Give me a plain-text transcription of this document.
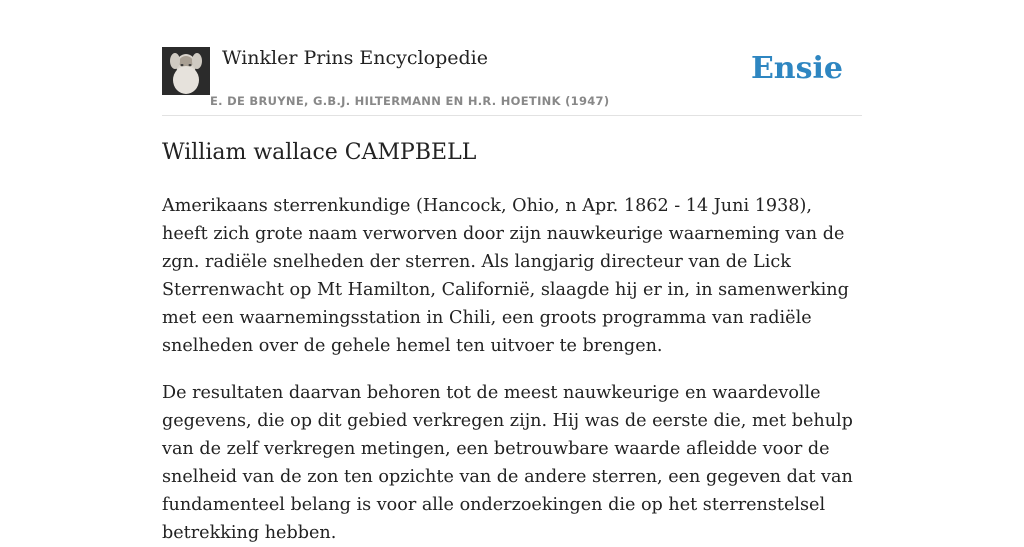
Winkler Prins Encyclopedie
E. DE BRUYNE, G.B.J. HILTERMANN EN H.R. HOETINK (1947)
Ensie
William wallace CAMPBELL

Amerikaans sterrenkundige (Hancock, Ohio, n Apr. 1862 - 14 Juni 1938), heeft zich grote naam verworven door zijn nauwkeurige waarneming van de zgn. radiële snelheden der sterren. Als langjarig directeur van de Lick Sterrenwacht op Mt Hamilton, Californië, slaagde hij er in, in samenwerking met een waarnemingsstation in Chili, een groots programma van radiële snelheden over de gehele hemel ten uitvoer te brengen.

De resultaten daarvan behoren tot de meest nauwkeurige en waardevolle gegevens, die op dit gebied verkregen zijn. Hij was de eerste die, met behulp van de zelf verkregen metingen, een betrouwbare waarde afleidde voor de snelheid van de zon ten opzichte van de andere sterren, een gegeven dat van fundamenteel belang is voor alle onderzoekingen die op het sterrenstelsel betrekking hebben.
